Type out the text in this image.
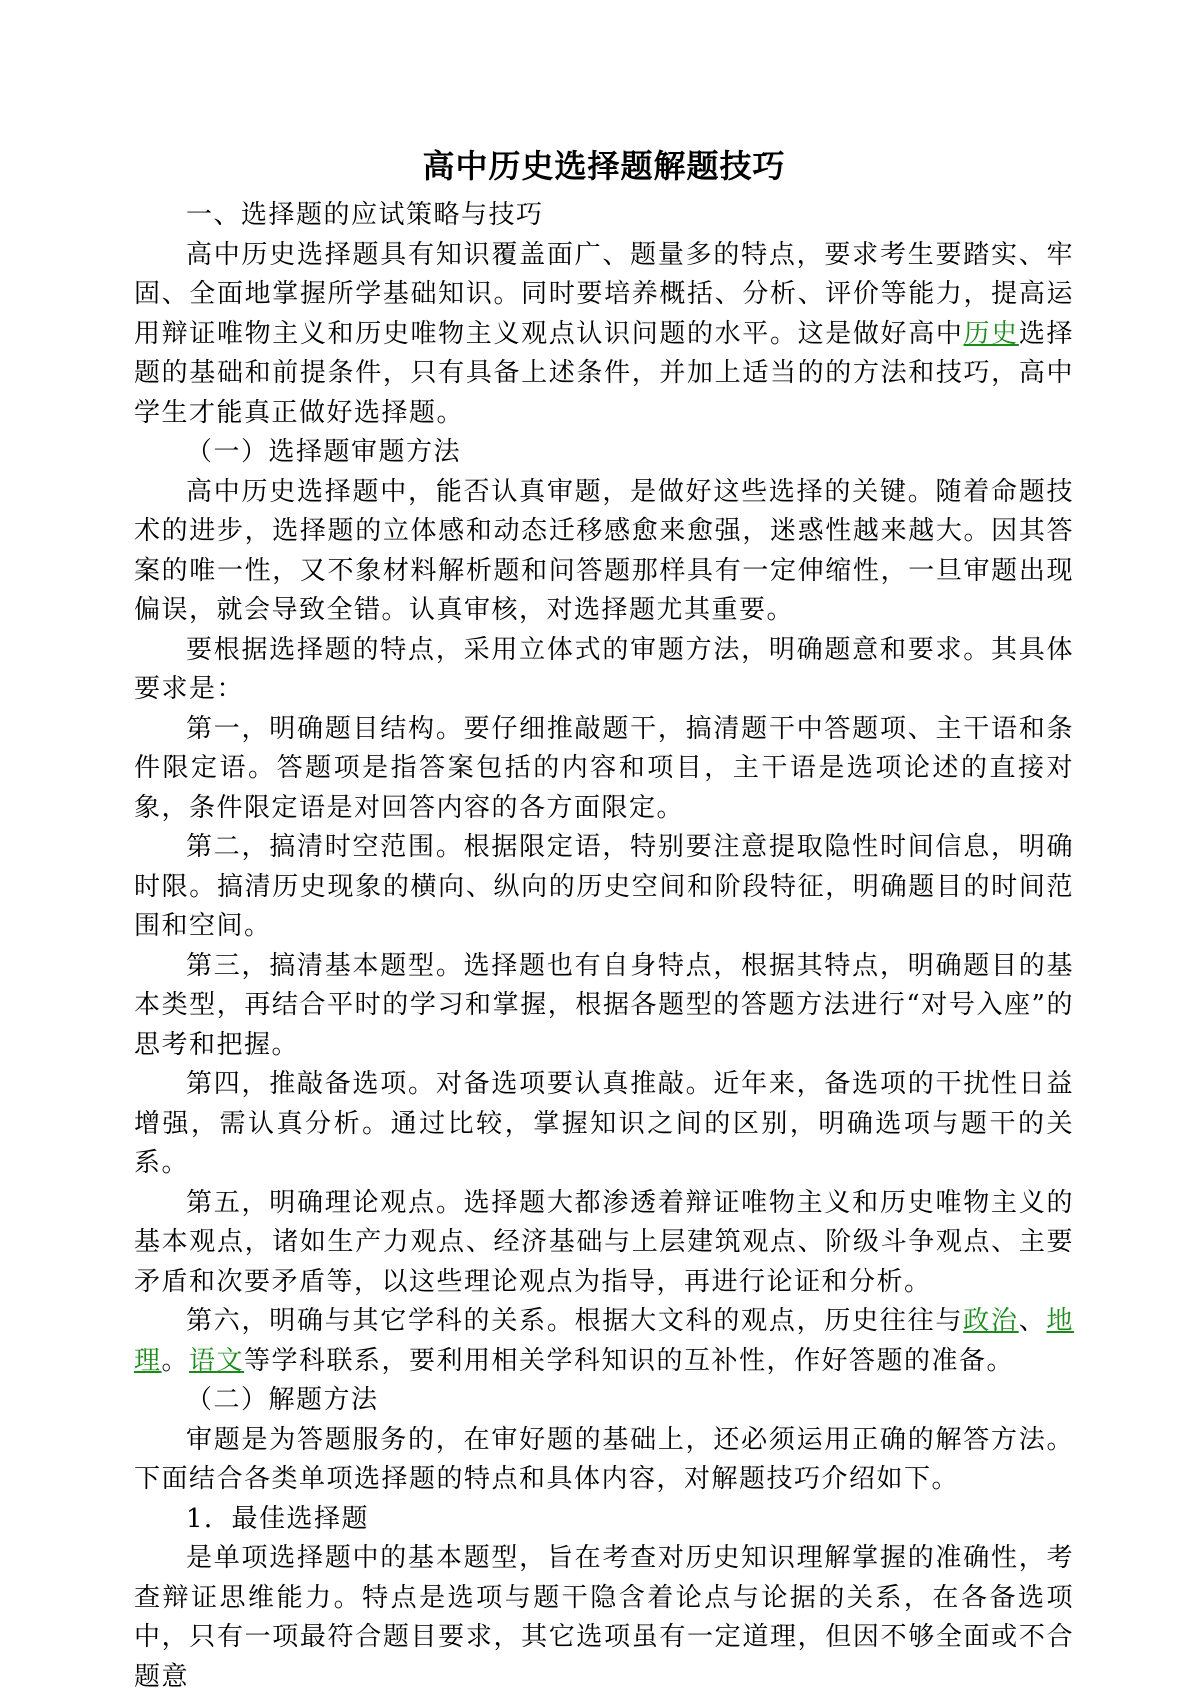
高中历史选择题解题技巧

一、选择题的应试策略与技巧

高中历史选择题具有知识覆盖面广、题量多的特点，要求考生要踏实、牢固、全面地掌握所学基础知识。同时要培养概括、分析、评价等能力，提高运用辩证唯物主义和历史唯物主义观点认识问题的水平。这是做好高中历史选择题的基础和前提条件，只有具备上述条件，并加上适当的的方法和技巧，高中学生才能真正做好选择题。

（一）选择题审题方法

高中历史选择题中，能否认真审题，是做好这些选择的关键。随着命题技术的进步，选择题的立体感和动态迁移感愈来愈强，迷惑性越来越大。因其答案的唯一性，又不象材料解析题和问答题那样具有一定伸缩性，一旦审题出现偏误，就会导致全错。认真审核，对选择题尤其重要。

要根据选择题的特点，采用立体式的审题方法，明确题意和要求。其具体要求是：

第一，明确题目结构。要仔细推敲题干，搞清题干中答题项、主干语和条件限定语。答题项是指答案包括的内容和项目，主干语是选项论述的直接对象，条件限定语是对回答内容的各方面限定。

第二，搞清时空范围。根据限定语，特别要注意提取隐性时间信息，明确时限。搞清历史现象的横向、纵向的历史空间和阶段特征，明确题目的时间范围和空间。

第三，搞清基本题型。选择题也有自身特点，根据其特点，明确题目的基本类型，再结合平时的学习和掌握，根据各题型的答题方法进行“对号入座”的思考和把握。

第四，推敲备选项。对备选项要认真推敲。近年来，备选项的干扰性日益增强，需认真分析。通过比较，掌握知识之间的区别，明确选项与题干的关系。

第五，明确理论观点。选择题大都渗透着辩证唯物主义和历史唯物主义的基本观点，诸如生产力观点、经济基础与上层建筑观点、阶级斗争观点、主要矛盾和次要矛盾等，以这些理论观点为指导，再进行论证和分析。

第六，明确与其它学科的关系。根据大文科的观点，历史往往与政治、地理。语文等学科联系，要利用相关学科知识的互补性，作好答题的准备。

（二）解题方法

审题是为答题服务的，在审好题的基础上，还必须运用正确的解答方法。下面结合各类单项选择题的特点和具体内容，对解题技巧介绍如下。

1．最佳选择题

是单项选择题中的基本题型，旨在考查对历史知识理解掌握的准确性，考查辩证思维能力。特点是选项与题干隐含着论点与论据的关系，在各备选项中，只有一项最符合题目要求，其它选项虽有一定道理，但因不够全面或不合题意
